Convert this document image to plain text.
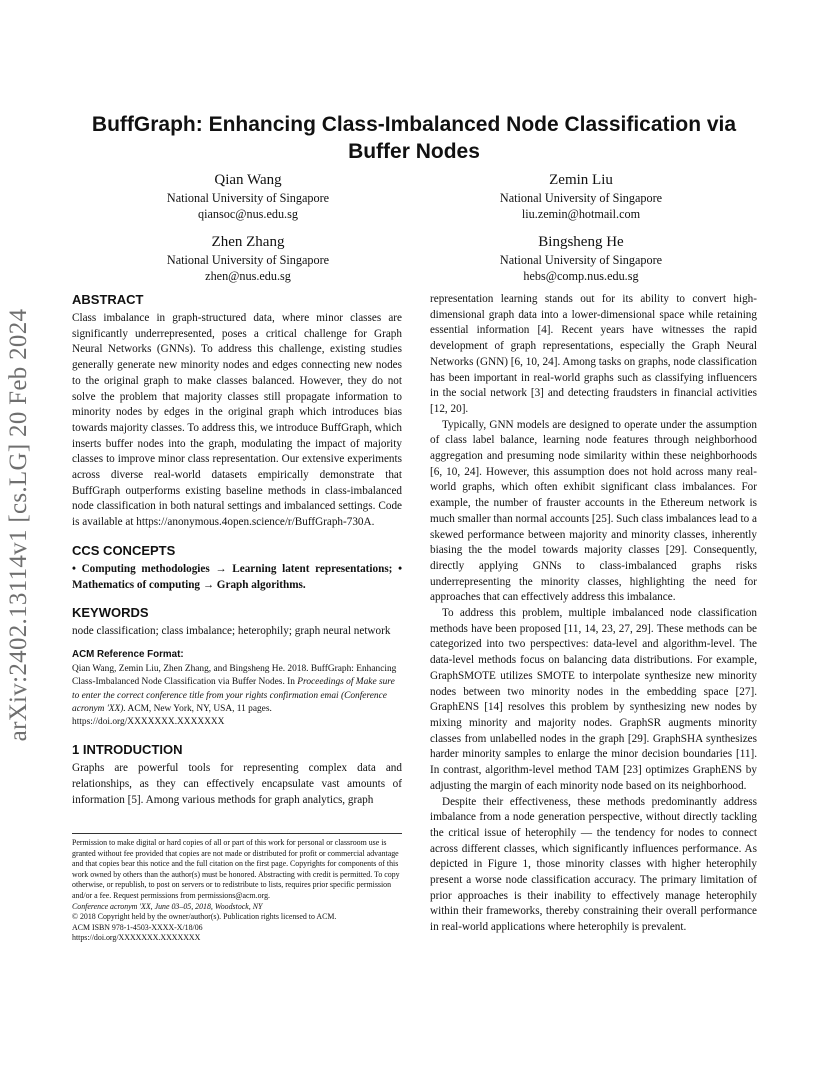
arXiv:2402.13114v1 [cs.LG] 20 Feb 2024
BuffGraph: Enhancing Class-Imbalanced Node Classification via
Buffer Nodes
Qian Wang
National University of Singapore
qiansoc@nus.edu.sg
Zemin Liu
National University of Singapore
liu.zemin@hotmail.com
Zhen Zhang
National University of Singapore
zhen@nus.edu.sg
Bingsheng He
National University of Singapore
hebs@comp.nus.edu.sg
ABSTRACT

Class imbalance in graph-structured data, where minor classes are significantly underrepresented, poses a critical challenge for Graph Neural Networks (GNNs). To address this challenge, existing studies generally generate new minority nodes and edges connecting new nodes to the original graph to make classes balanced. However, they do not solve the problem that majority classes still propagate information to minority nodes by edges in the original graph which introduces bias towards majority classes. To address this, we introduce BuffGraph, which inserts buffer nodes into the graph, modulating the impact of majority classes to improve minor class representation. Our extensive experiments across diverse real-world datasets empirically demonstrate that BuffGraph outperforms existing baseline methods in class-imbalanced node classification in both natural settings and imbalanced settings. Code is available at https://anonymous.4open.science/r/BuffGraph-730A.

CCS CONCEPTS
• Computing methodologies → Learning latent representations; • Mathematics of computing → Graph algorithms.
KEYWORDS

node classification; class imbalance; heterophily; graph neural network

ACM Reference Format:
Qian Wang, Zemin Liu, Zhen Zhang, and Bingsheng He. 2018. BuffGraph: Enhancing Class-Imbalanced Node Classification via Buffer Nodes. In Proceedings of Make sure to enter the correct conference title from your rights confirmation emai (Conference acronym 'XX). ACM, New York, NY, USA, 11 pages. https://doi.org/XXXXXXX.XXXXXXX
1 INTRODUCTION

Graphs are powerful tools for representing complex data and relationships, as they can effectively encapsulate vast amounts of information [5]. Among various methods for graph analytics, graph

Permission to make digital or hard copies of all or part of this work for personal or classroom use is granted without fee provided that copies are not made or distributed for profit or commercial advantage and that copies bear this notice and the full citation on the first page. Copyrights for components of this work owned by others than the author(s) must be honored. Abstracting with credit is permitted. To copy otherwise, or republish, to post on servers or to redistribute to lists, requires prior specific permission and/or a fee. Request permissions from permissions@acm.org.
Conference acronym 'XX, June 03–05, 2018, Woodstock, NY
© 2018 Copyright held by the owner/author(s). Publication rights licensed to ACM.
ACM ISBN 978-1-4503-XXXX-X/18/06
https://doi.org/XXXXXXX.XXXXXXX

representation learning stands out for its ability to convert high-dimensional graph data into a lower-dimensional space while retaining essential information [4]. Recent years have witnesses the rapid development of graph representations, especially the Graph Neural Networks (GNN) [6, 10, 24]. Among tasks on graphs, node classification has been important in real-world graphs such as classifying influencers in the social network [3] and detecting fraudsters in financial activities [12, 20].

Typically, GNN models are designed to operate under the assumption of class label balance, learning node features through neighborhood aggregation and presuming node similarity within these neighborhoods [6, 10, 24]. However, this assumption does not hold across many real-world graphs, which often exhibit significant class imbalances. For example, the number of frauster accounts in the Ethereum network is much smaller than normal accounts [25]. Such class imbalances lead to a skewed performance between majority and minority classes, inherently biasing the the model towards majority classes [29]. Consequently, directly applying GNNs to class-imbalanced graphs risks underrepresenting the minority classes, highlighting the need for approaches that can effectively address this imbalance.

To address this problem, multiple imbalanced node classification methods have been proposed [11, 14, 23, 27, 29]. These methods can be categorized into two perspectives: data-level and algorithm-level. The data-level methods focus on balancing data distributions. For example, GraphSMOTE utilizes SMOTE to interpolate synthesize new minority nodes between two minority nodes in the embedding space [27]. GraphENS [14] resolves this problem by synthesizing new nodes by mixing minority and majority nodes. GraphSR augments minority classes from unlabelled nodes in the graph [29]. GraphSHA synthesizes harder minority samples to enlarge the minor decision boundaries [11]. In contrast, algorithm-level method TAM [23] optimizes GraphENS by adjusting the margin of each minority node based on its neighborhood.

Despite their effectiveness, these methods predominantly address imbalance from a node generation perspective, without directly tackling the critical issue of heterophily — the tendency for nodes to connect across different classes, which significantly influences performance. As depicted in Figure 1, those minority classes with higher heterophily present a worse node classification accuracy. The primary limitation of prior approaches is their inability to effectively manage heterophily within their frameworks, thereby constraining their overall performance in real-world applications where heterophily is prevalent.
